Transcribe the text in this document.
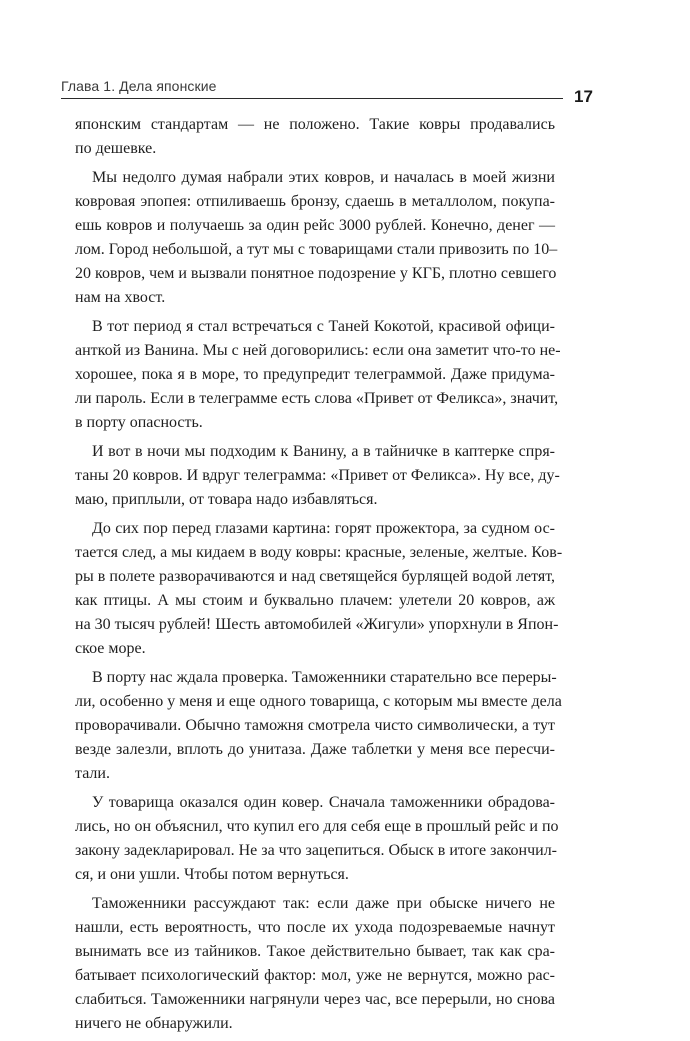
Глава 1. Дела японские
17
японским стандартам — не положено. Такие ковры продавались
по дешевке.
Мы недолго думая набрали этих ковров, и началась в моей жизни
ковровая эпопея: отпиливаешь бронзу, сдаешь в металлолом, покупа-
ешь ковров и получаешь за один рейс 3000 рублей. Конечно, денег —
лом. Город небольшой, а тут мы с товарищами стали привозить по 10–
20 ковров, чем и вызвали понятное подозрение у КГБ, плотно севшего
нам на хвост.
В тот период я стал встречаться с Таней Кокотой, красивой офици-
анткой из Ванина. Мы с ней договорились: если она заметит что-то не-
хорошее, пока я в море, то предупредит телеграммой. Даже придума-
ли пароль. Если в телеграмме есть слова «Привет от Феликса», значит,
в порту опасность.
И вот в ночи мы подходим к Ванину, а в тайничке в каптерке спря-
таны 20 ковров. И вдруг телеграмма: «Привет от Феликса». Ну все, ду-
маю, приплыли, от товара надо избавляться.
До сих пор перед глазами картина: горят прожектора, за судном ос-
тается след, а мы кидаем в воду ковры: красные, зеленые, желтые. Ков-
ры в полете разворачиваются и над светящейся бурлящей водой летят,
как птицы. А мы стоим и буквально плачем: улетели 20 ковров, аж
на 30 тысяч рублей! Шесть автомобилей «Жигули» упорхнули в Япон-
ское море.
В порту нас ждала проверка. Таможенники старательно все переры-
ли, особенно у меня и еще одного товарища, с которым мы вместе дела
проворачивали. Обычно таможня смотрела чисто символически, а тут
везде залезли, вплоть до унитаза. Даже таблетки у меня все пересчи-
тали.
У товарища оказался один ковер. Сначала таможенники обрадова-
лись, но он объяснил, что купил его для себя еще в прошлый рейс и по
закону задекларировал. Не за что зацепиться. Обыск в итоге закончил-
ся, и они ушли. Чтобы потом вернуться.
Таможенники рассуждают так: если даже при обыске ничего не
нашли, есть вероятность, что после их ухода подозреваемые начнут
вынимать все из тайников. Такое действительно бывает, так как сра-
батывает психологический фактор: мол, уже не вернутся, можно рас-
слабиться. Таможенники нагрянули через час, все перерыли, но снова
ничего не обнаружили.
